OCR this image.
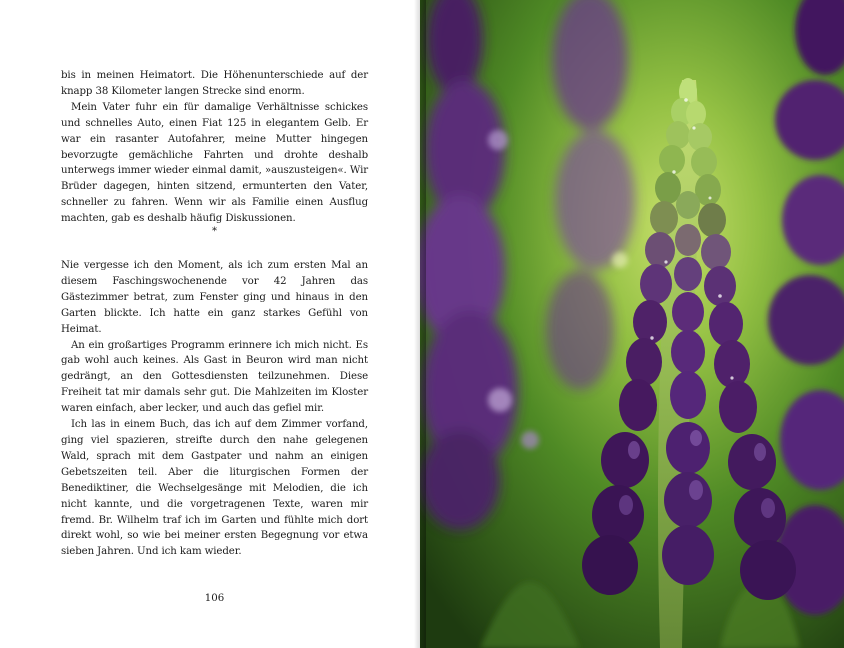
bis in meinen Heimatort. Die Höhenunterschiede auf der knapp 38 Kilometer langen Strecke sind enorm.

Mein Vater fuhr ein für damalige Verhältnisse schickes und schnelles Auto, einen Fiat 125 in elegantem Gelb. Er war ein rasanter Autofahrer, meine Mutter hingegen bevorzugte gemächliche Fahrten und drohte deshalb unterwegs immer wieder einmal damit, »auszusteigen«. Wir Brüder dagegen, hinten sitzend, ermunterten den Vater, schneller zu fahren. Wenn wir als Familie einen Ausflug machten, gab es deshalb häufig Diskussionen.

*

Nie vergesse ich den Moment, als ich zum ersten Mal an diesem Faschingswochenende vor 42 Jahren das Gästezimmer betrat, zum Fenster ging und hinaus in den Garten blickte. Ich hatte ein ganz starkes Gefühl von Heimat.

An ein großartiges Programm erinnere ich mich nicht. Es gab wohl auch keines. Als Gast in Beuron wird man nicht gedrängt, an den Gottesdiensten teilzunehmen. Diese Freiheit tat mir damals sehr gut. Die Mahlzeiten im Kloster waren einfach, aber lecker, und auch das gefiel mir.

Ich las in einem Buch, das ich auf dem Zimmer vorfand, ging viel spazieren, streifte durch den nahe gelegenen Wald, sprach mit dem Gastpater und nahm an einigen Gebetszeiten teil. Aber die liturgischen Formen der Benediktiner, die Wechselgesänge mit Melodien, die ich nicht kannte, und die vorgetragenen Texte, waren mir fremd. Br. Wilhelm traf ich im Garten und fühlte mich dort direkt wohl, so wie bei meiner ersten Begegnung vor etwa sieben Jahren. Und ich kam wieder.

106
